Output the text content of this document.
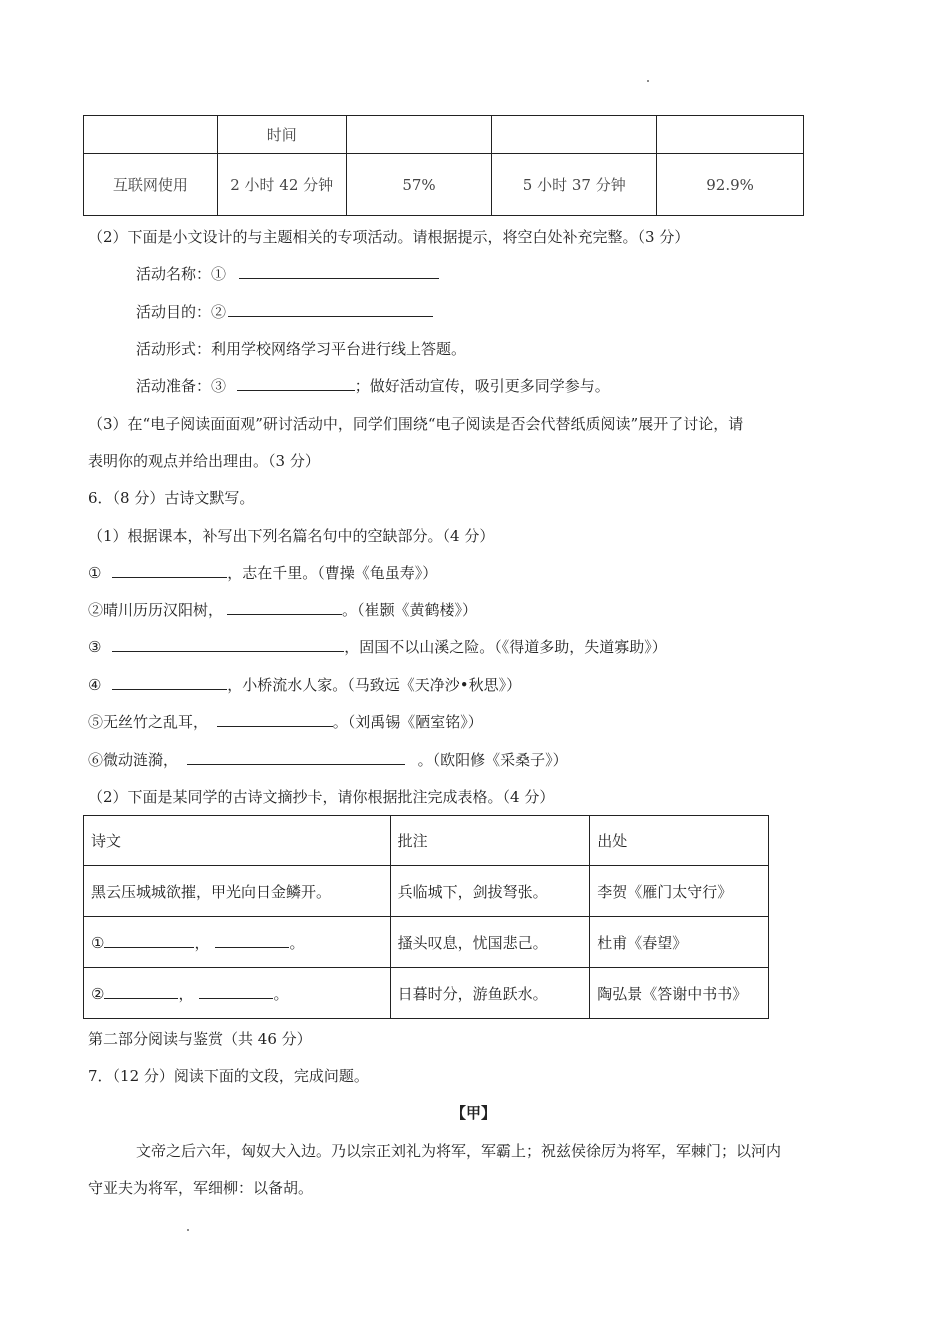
	时间			
互联网使用	2 小时 42 分钟	57%	5 小时 37 分钟	92.9%
（2）下面是小文设计的与主题相关的专项活动。请根据提示，将空白处补充完整。（3 分）
活动名称：①
活动目的：②
活动形式：利用学校网络学习平台进行线上答题。
活动准备：③	；做好活动宣传，吸引更多同学参与。
（3）在“电子阅读面面观”研讨活动中，同学们围绕“电子阅读是否会代替纸质阅读”展开了讨论，请
表明你的观点并给出理由。（3 分）
6．（8 分）古诗文默写。
（1）根据课本，补写出下列名篇名句中的空缺部分。（4 分）
①	，志在千里。（曹操《龟虽寿》）
②晴川历历汉阳树，	。（崔颢《黄鹤楼》）
③	，固国不以山溪之险。（《得道多助，失道寡助》）
④	，小桥流水人家。（马致远《天净沙•秋思》）
⑤无丝竹之乱耳，	。（刘禹锡《陋室铭》）
⑥微动涟漪，	。（欧阳修《采桑子》）
（2）下面是某同学的古诗文摘抄卡，请你根据批注完成表格。（4 分）
诗文	批注	出处
黑云压城城欲摧，甲光向日金鳞开。	兵临城下，剑拔弩张。	李贺《雁门太守行》
① ， 。	搔头叹息，忧国悲己。	杜甫《春望》
② ， 。	日暮时分，游鱼跃水。	陶弘景《答谢中书书》
第二部分阅读与鉴赏（共 46 分）
7．（12 分）阅读下面的文段，完成问题。
【甲】
文帝之后六年，匈奴大入边。乃以宗正刘礼为将军，军霸上；祝兹侯徐厉为将军，军棘门；以河内
守亚夫为将军，军细柳：以备胡。
